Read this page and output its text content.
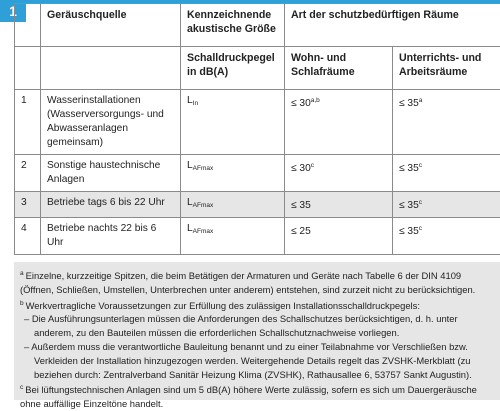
1
		Geräuschquelle	Kennzeichnende akustische Größe	Art der schutzbedürftigen Räume	
		Schalldruckpegel in dB(A)	Wohn- und Schlafräume	Unterrichts- und Arbeitsräume
1	Wasserinstallationen (Wasserversorgungs- und Abwasseranlagen gemeinsam)	$L_{In}$	≤ $30^{a,b}$	≤ $35^a$
2	Sonstige haustechnische Anlagen	$L_{AFmax}$	≤ $30^c$	≤ $35^c$
3	Betriebe tags 6 bis 22 Uhr	$L_{AFmax}$	≤ 35	≤ $35^c$
4	Betriebe nachts 22 bis 6 Uhr	$L_{AFmax}$	≤ 25	≤ $35^c$

$^a$ Einzelne, kurzzeitige Spitzen, die beim Betätigen der Armaturen und Geräte nach Tabelle 6 der DIN 4109 (Öffnen, Schließen, Umstellen, Unterbrechen unter anderem) entstehen, sind zurzeit nicht zu berücksichtigen.

$^b$ Werkvertragliche Voraussetzungen zur Erfüllung des zulässigen Installationsschalldruckpegels:

– Die Ausführungsunterlagen müssen die Anforderungen des Schallschutzes berücksichtigen, d. h. unter anderem, zu den Bauteilen müssen die erforderlichen Schallschutznachweise vorliegen.

– Außerdem muss die verantwortliche Bauleitung benannt und zu einer Teilabnahme vor Verschließen bzw. Verkleiden der Installation hinzugezogen werden. Weitergehende Details regelt das ZVSHK-Merkblatt (zu beziehen durch: Zentralverband Sanitär Heizung Klima (ZVSHK), Rathausallee 6, 53757 Sankt Augustin).

$^c$ Bei lüftungstechnischen Anlagen sind um 5 dB(A) höhere Werte zulässig, sofern es sich um Dauergeräusche ohne auffällige Einzeltöne handelt.
